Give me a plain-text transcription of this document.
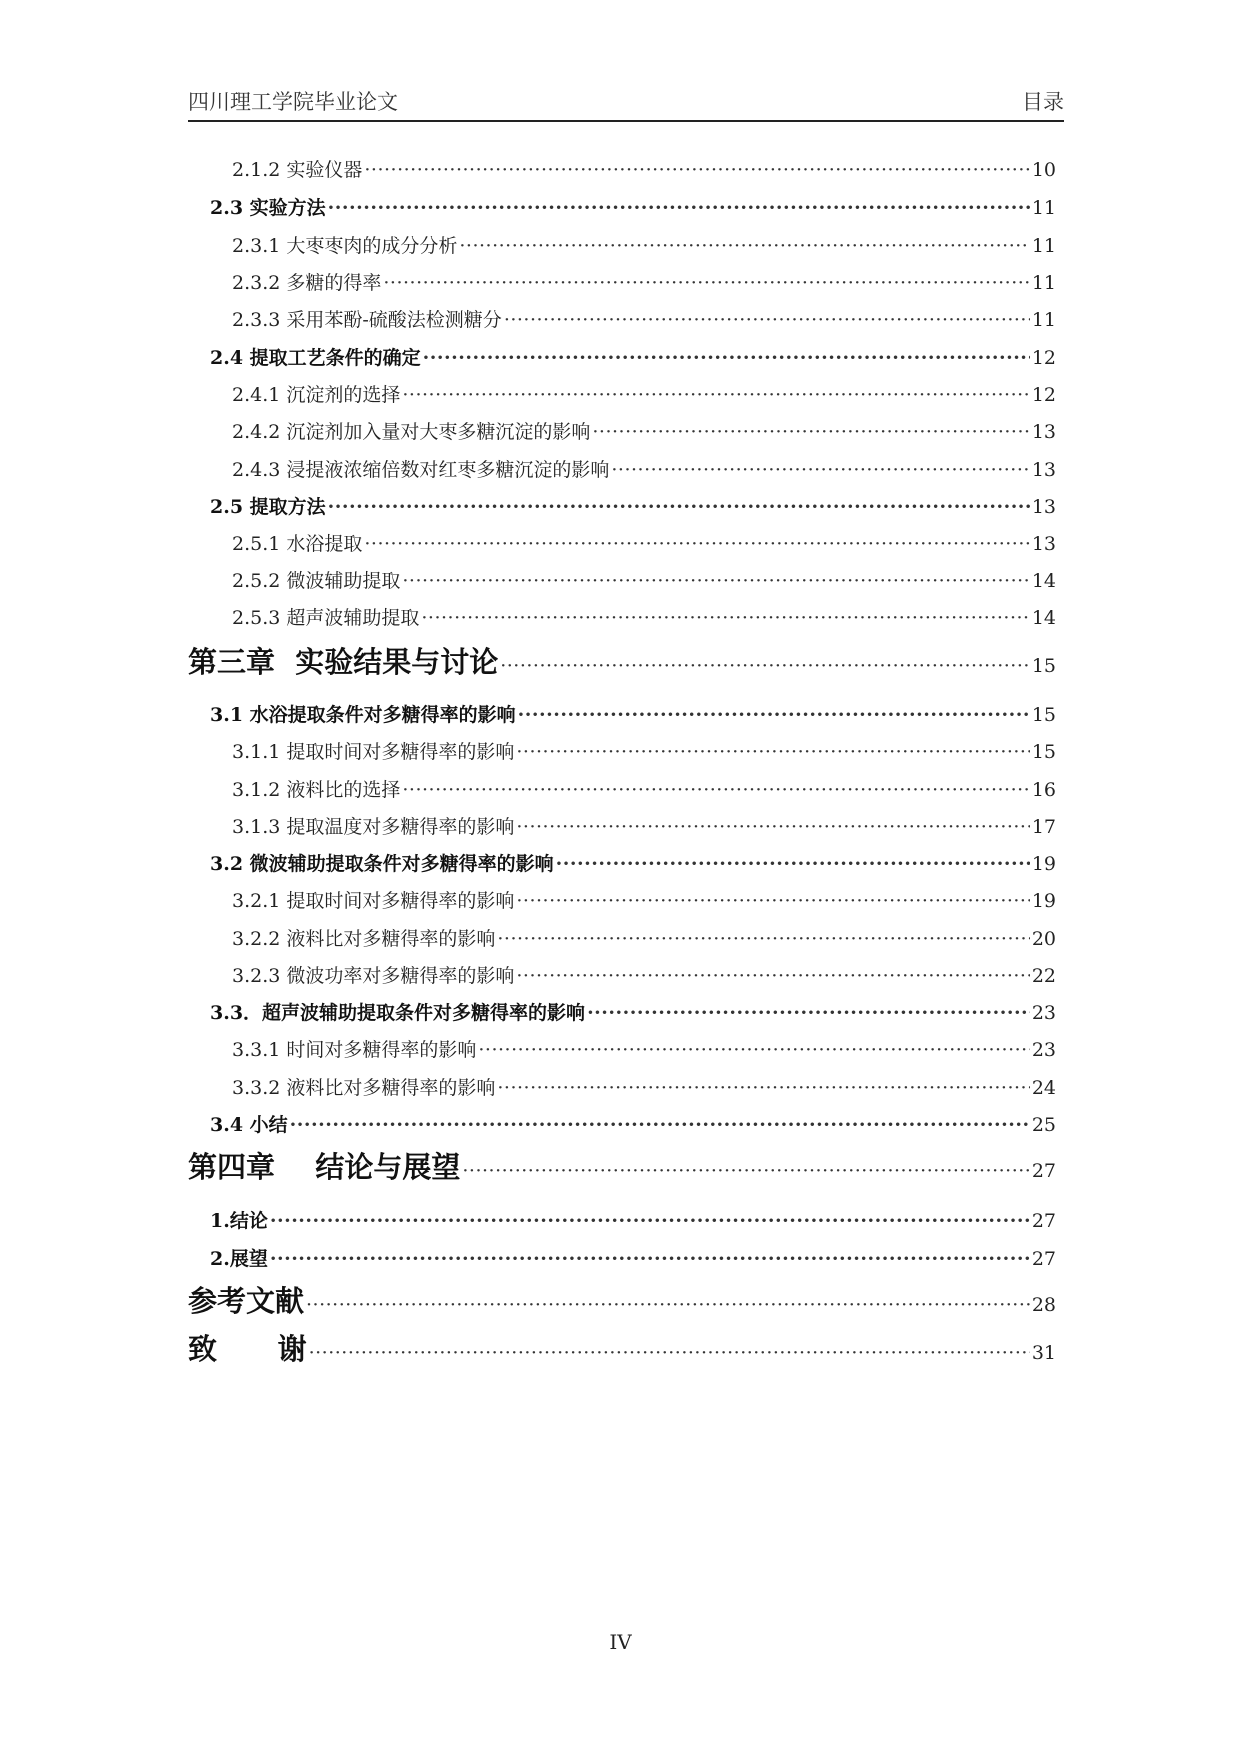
四川理工学院毕业论文	目录
2.1.2 实验仪器 ·····	10
2.3 实验方法 ·····	11
2.3.1 大枣枣肉的成分分析 ·····	11
2.3.2 多糖的得率 ·····	11
2.3.3 采用苯酚-硫酸法检测糖分 ·····	11
2.4 提取工艺条件的确定 ·····	12
2.4.1 沉淀剂的选择 ·····	12
2.4.2 沉淀剂加入量对大枣多糖沉淀的影响 ·····	13
2.4.3 浸提液浓缩倍数对红枣多糖沉淀的影响 ·····	13
2.5 提取方法 ·····	13
2.5.1 水浴提取 ·····	13
2.5.2 微波辅助提取 ·····	14
2.5.3 超声波辅助提取 ·····	14
第三章  实验结果与讨论 ·····	15
3.1 水浴提取条件对多糖得率的影响 ·····	15
3.1.1 提取时间对多糖得率的影响 ·····	15
3.1.2 液料比的选择 ·····	16
3.1.3 提取温度对多糖得率的影响 ·····	17
3.2 微波辅助提取条件对多糖得率的影响 ·····	19
3.2.1 提取时间对多糖得率的影响 ·····	19
3.2.2 液料比对多糖得率的影响 ·····	20
3.2.3 微波功率对多糖得率的影响 ·····	22
3.3．超声波辅助提取条件对多糖得率的影响 ·····	23
3.3.1 时间对多糖得率的影响 ·····	23
3.3.2 液料比对多糖得率的影响 ·····	24
3.4 小结 ·····	25
第四章    结论与展望 ·····	27
1.结论 ·····	27
2.展望 ·····	27
参考文献 ·····	28
致      谢 ·····	31
IV
